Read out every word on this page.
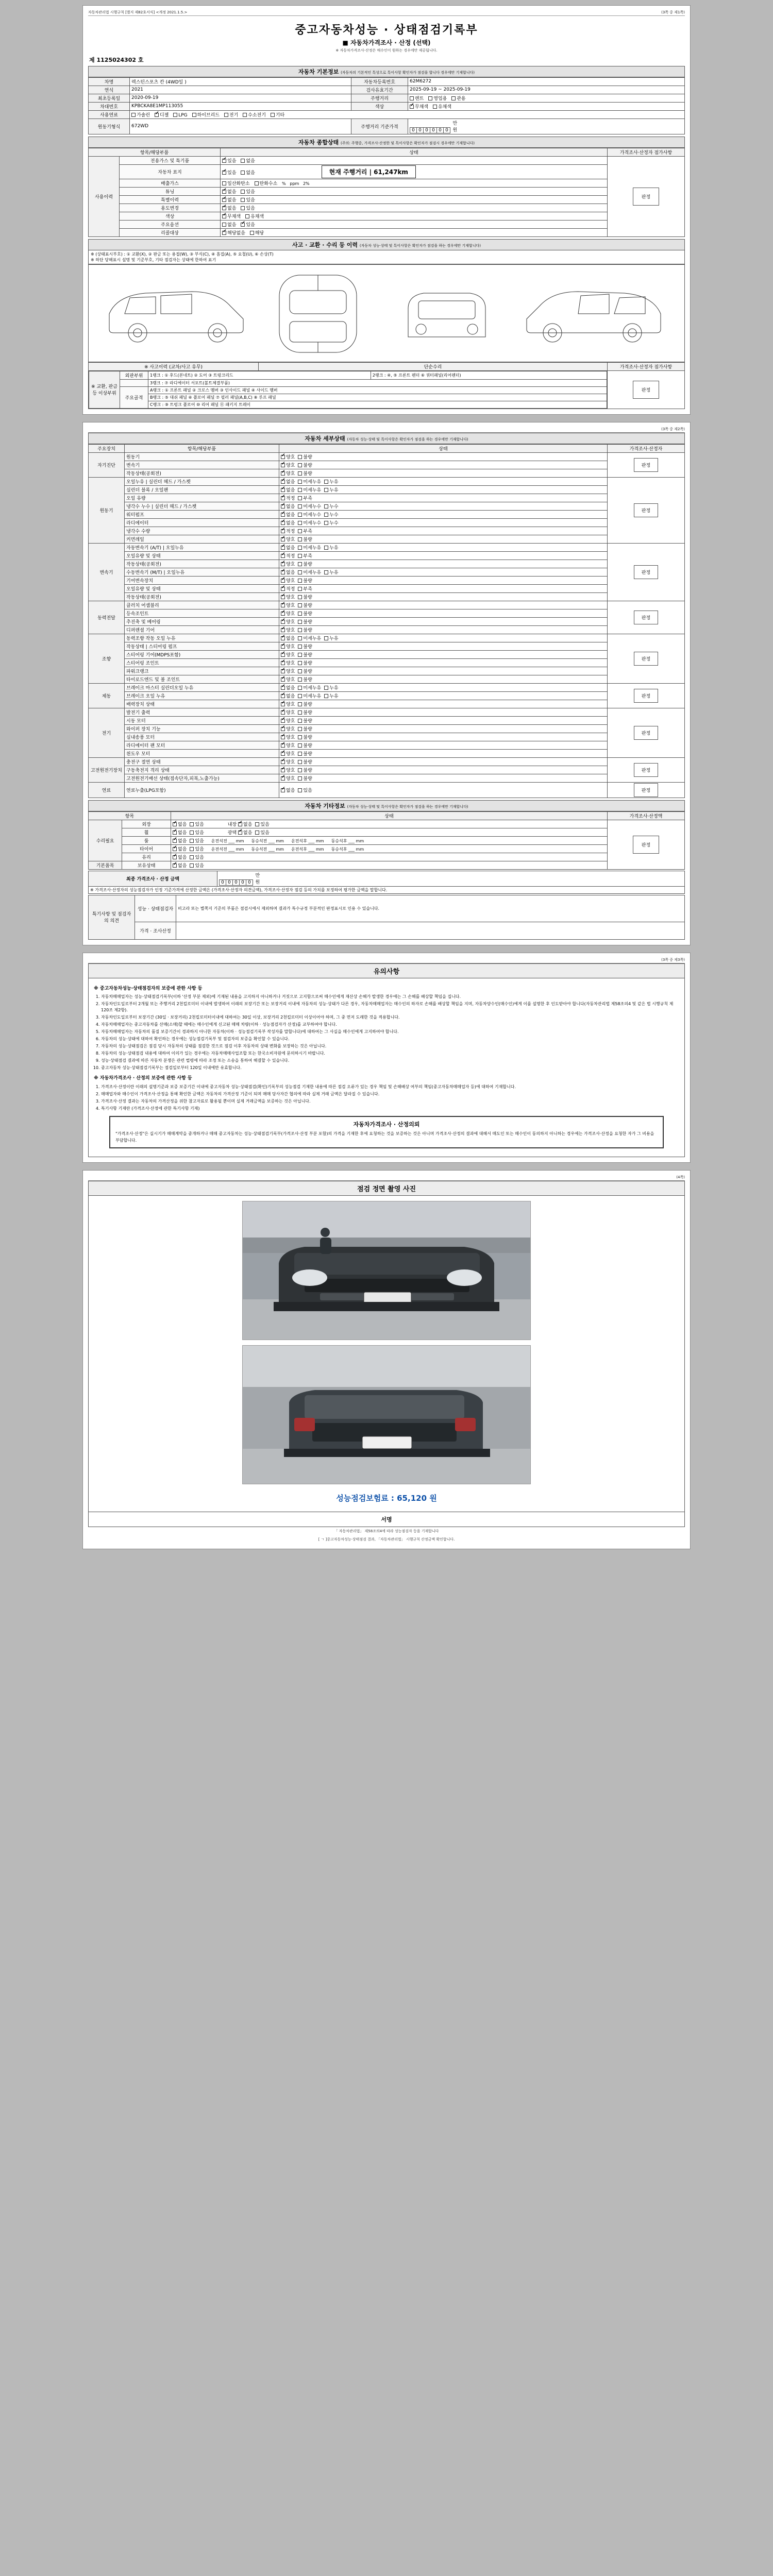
자동차관리법 시행규칙 [별지 제82호서식] <개정 2021.1.5.>	(3쪽 중 제1쪽)
중고자동차성능 · 상태점검기록부
■ 자동차가격조사 · 산정 (선택)
※ 자동차가격조사·산정은 매수인이 원하는 경우에만 제공됩니다.
제 1125024302 호
자동차 기본정보 (자동차의 기본적인 특성으로 특이사항 확인자가 점검을 합니다 경우에만 기재합니다)
차명	렉스턴스포츠 칸 (4WD일 )	자동차등록번호	62М6272
연식	2021	검사유효기간	2025-09-19 ~ 2025-09-19
최초등록일	2020-09-19	주행거리	렌트 영업용 관용
차대번호	KPBCKA8E1MP113055	색상	✔무채색 유채색
사용연료	가솔린 ✔ 디젤 LPG 하이브리드 전기 수소전기 기타
원동기형식	672WD	주행거리 기준가격	0 0 0 0 0 0 만원
자동차 종합상태 (주의: 주행중, 가격조사·산정한 및 특이사항은 확인자가 점검시 경우에만 기재합니다)
항목/해당부품		상태	가격조사·산정자 점가사항
사용이력	전용가스 및 특기품	✔있음 없음	판정
	자동차 표지	✔있음 없음 현재 주행거리 | 61,247km
	배출가스	일산화탄소 탄화수소 %   ppm   2%	
	튜닝	✔없음 있음
	특별이력	✔없음 있음
	용도변경	✔없음 있음
	색상	✔무채색 유채색
	주요옵션	없음 ✔ 있음
	리콜대상	✔해당없음 해당
사고 · 교환 · 수리 등 이력 (자동차 성능·상태 및 특이사항은 확인자가 점검을 하는 경우에만 기재합니다)
※ (상태표시부호) : ① 교환(X), ② 판금 또는 용접(W), ③ 부식(C), ④ 흠집(A), ⑤ 요철(U), ⑥ 손상(T)
※ 하단 당해표시 설명 및 기준부호, 기타 점검자는 상태에 한하여 표기
※ 사고이력 (교차/사고 유무)	단순수리	가격조사·산정자 점가사항

※ 교환, 판금 등 이상부위	외판부위	1랭크 : ① 후드(본네트) ② 도어 ③ 트렁크리드	2랭크 : ④, ⑤ 프론트 펜더 ⑥ 쿼터패널(리어펜더)
	3랭크 : ⑦ 라디에이터 서포트(볼트체결부품)
주요골격	A랭크 : ① 프론트 패널 ② 크로스 멤버 ③ 인사이드 패널 ④ 사이드 멤버
B랭크 : ⑤ 대쉬 패널 ⑥ 플로어 패널 ⑦ 필러 패널(A,B,C) ⑧ 루프 패널
C랭크 : ⑨ 트렁크 플로어 ⑩ 리어 패널 ⑪ 패키지 트레이
	판정

(3쪽 중 제2쪽)
자동차 세부상태 (자동차 성능·상태 및 특이사항은 확인자가 점검을 하는 경우에만 기재합니다)
주요장치	항목/해당부품	상태	가격조사·산정자
자기진단	원동기	✔양호 불량	판정
	변속기	✔양호 불량
	작동상태(공회전)	✔양호 불량
원동기	오일누유 | 실린더 헤드 / 가스켓	✔없음 미세누유 누유	판정
	실린더 블록 / 오일팬	✔없음 미세누유 누유
	오일 유량	✔적정 부족
	냉각수 누수 | 실린더 헤드 / 가스켓	✔없음 미세누수 누수
	워터펌프	✔없음 미세누수 누수
	라디에이터	✔없음 미세누수 누수
	냉각수 수량	✔적정 부족
	커먼레일	✔양호 불량
변속기	자동변속기 (A/T) | 오일누유	✔없음 미세누유 누유	판정
	오일유량 및 상태	✔적정 부족
	작동상태(공회전)	✔양호 불량
	수동변속기 (M/T) | 오일누유	✔없음 미세누유 누유
	기어변속장치	✔양호 불량
	오일유량 및 상태	✔적정 부족
	작동상태(공회전)	✔양호 불량
동력전달	클러치 어셈블리	✔양호 불량	판정
	등속조인트	✔양호 불량
	추진축 및 베어링	✔양호 불량
	디퍼렌셜 기어	✔양호 불량
조향	동력조향 작동 오일 누유	✔없음 미세누유 누유	판정
	작동상태 | 스티어링 펌프	✔양호 불량
	스티어링 기어(MDPS포함)	✔양호 불량
	스티어링 조인트	✔양호 불량
	파워크랭크	✔양호 불량
	타이로드엔드 및 볼 조인트	✔양호 불량
제동	브레이크 마스터 실린더오일 누유	✔없음 미세누유 누유	판정
	브레이크 오일 누유	✔없음 미세누유 누유
	배력장치 상태	✔양호 불량
전기	발전기 출력	✔양호 불량	판정
	시동 모터	✔양호 불량
	와이퍼 장치 기능	✔양호 불량
	실내송풍 모터	✔양호 불량
	라디에이터 팬 모터	✔양호 불량
	윈도우 모터	✔양호 불량
고전원전기장치	충전구 절연 상태	✔양호 불량	판정
	구동축전지 격리 상태	✔양호 불량
	고전원전기배선 상태(접속단자,피복,노출가능)	✔양호 불량
연료	연료누출(LPG포함)	✔없음 있음	판정
자동차 기타정보 (자동차 성능·상태 및 특이사항은 확인자가 점검을 하는 경우에만 기재합니다)
항목		상태	가격조사·산정액
수리필요	외장	✔없음 있음 내장 ✔없음 있음	판정
	휠	✔없음 있음 광택 ✔없음 있음
	룸	✔없음 있음 운전석전 ___ mm 동승석전 ___ mm 운전석후 ___ mm 동승석후 ___ mm
	타이어	✔없음 있음 운전석전 ___ mm 동승석전 ___ mm 운전석후 ___ mm 동승석후 ___ mm
	유리	✔없음 있음
기본품목	보유상태	✔없음 있음
최종 가격조사 · 산정 금액	0 0 0 0 0 만원
※ 가격조사·산정자의 성능점검자가 인정 기준가격에 산정한 금액은 (가격조사·산정자 의견금액), 가격조사·산정자 점검 등의 가치를 보정하여 평가한 금액을 말합니다.
특기사항 및 점검자의 의견	성능 · 상태점검자	비고라 또는 별쪽지 기준의 부품은 점검시에서 제외하며 결과가 특수규정 부분적인 판정표시로 인용 수 있습니다.
	가격 · 조사산정	

(3쪽 중 제3쪽)
유의사항
※ 중고자동차성능·상태점검자의 보증에 관한 사항 등
1. 자동차매매업자는 성능·상태점검기록부(이하 '산정 부분 제외)에 기재된 내용을 고지하지 아니하거나 거짓으로 고지함으로써 매수인에게 재산상 손해가 발생한 경우에는 그 손해를 배상할 책임을 집니다.
2. 자동차인도일로부터 2개월 또는 주행거리 2천킬로미터 이내에 발생하여 이래의 보장기간 또는 보장거리 이내에 자동차의 성능·상태가 다른 경우, 자동차매매업자는 매수인의 하자로 손해를 배상할 책임을 지며, 자동차양수인(매수인)에게 이를 설명한 후 인도받아야 합니다(자동차관리법 제58조의4 및 같은 법 시행규칙 제120조 제2항).
3. 자동차인도일로부터 보장기간 (30일 · 보장거리) 2천킬로미터이내에 대하여는 30일 이상, 보장거리 2천킬로미터 이상이어야 하며, 그 중 먼저 도래한 것을 적용합니다.
4. 자동차매매업자는 중고자동차를 산매(소매)할 때에는 매수인에게 신고된 매매 차량(이하 · 성능점검자가 산정)를 교부하여야 합니다.
5. 자동차매매업자는 자동차의 품질 보증기간이 경과하지 아니한 자동차(이하 · 성능점검기록부 작성자를 말합니다)에 대하여는 그 사실을 매수인에게 고지하여야 합니다.
6. 자동차의 성능·상태에 대하여 확인하는 경우에는 성능점검기록부 및 점검자의 보증을 확인할 수 있습니다.
7. 자동차의 성능·상태점검은 점검 당시 자동차의 상태를 점검한 것으로 점검 이후 자동차의 상태 변화를 보장하는 것은 아닙니다.
8. 자동차의 성능·상태점검 내용에 대하여 이의가 있는 경우에는 자동차매매사업조합 또는 한국소비자원에 문의하시기 바랍니다.
9. 성능·상태점검 결과에 따른 자동차 분쟁은 관련 법령에 따라 조정 또는 소송을 통하여 해결할 수 있습니다.
10. 중고자동차 성능·상태점검기록부는 점검일로부터 120일 이내에만 유효합니다.
※ 자동차가격조사 · 산정의 보증에 관한 사항 등
1. 가격조사·산정이란 이래의 설명기준과 보증 보증기간 이내에 중고자동차 성능·상태점검(확인)기록부의 성능점검 기재한 내용에 따른 점검 오류가 있는 경우 책임 및 손해배상 여부의 책임(중고자동차매매업자 등)에 대하여 기재합니다.
2. 매매업자와 매수인이 가격조사·산정을 통해 확인한 금액은 자동차의 가격산정 기준이 되며 매매 당사자간 협의에 따라 실제 거래 금액은 달라질 수 있습니다.
3. 가격조사·산정 결과는 자동차의 가격산정을 위한 참고자료로 활용될 뿐이며 실제 거래금액을 보증하는 것은 아닙니다.
4. 특기사항 기재란 (가격조사·산정에 관한 특기사항 기재)
자동차가격조사 · 산정의뢰
"가격조사·산정"은 실시기가 매매계약을 중개하거나 매매 중고자동차는 성능·상태점검기록부(가격조사·산정 부분 포함)의 가격을 기재한 후에 요청하는 것을 보증하는 것은 아니며 가격조사·산정의 결과에 대해서 매도인 또는 매수인이 동의하지 아니하는 경우에는 가격조사·산정을 요청한 자가 그 비용을 부담합니다.

(4쪽)
점검 정면 촬영 사진
성능점검보험료 : 65,120 원
서명
「 자동차관리법」 제58조의4에 따라 성능점검자 등을 기재합니다
[ ㄱ ]중고자동차성능·상태점검 결과, 「자동차관리법」 시행규칙 산정금액 확인합니다.
